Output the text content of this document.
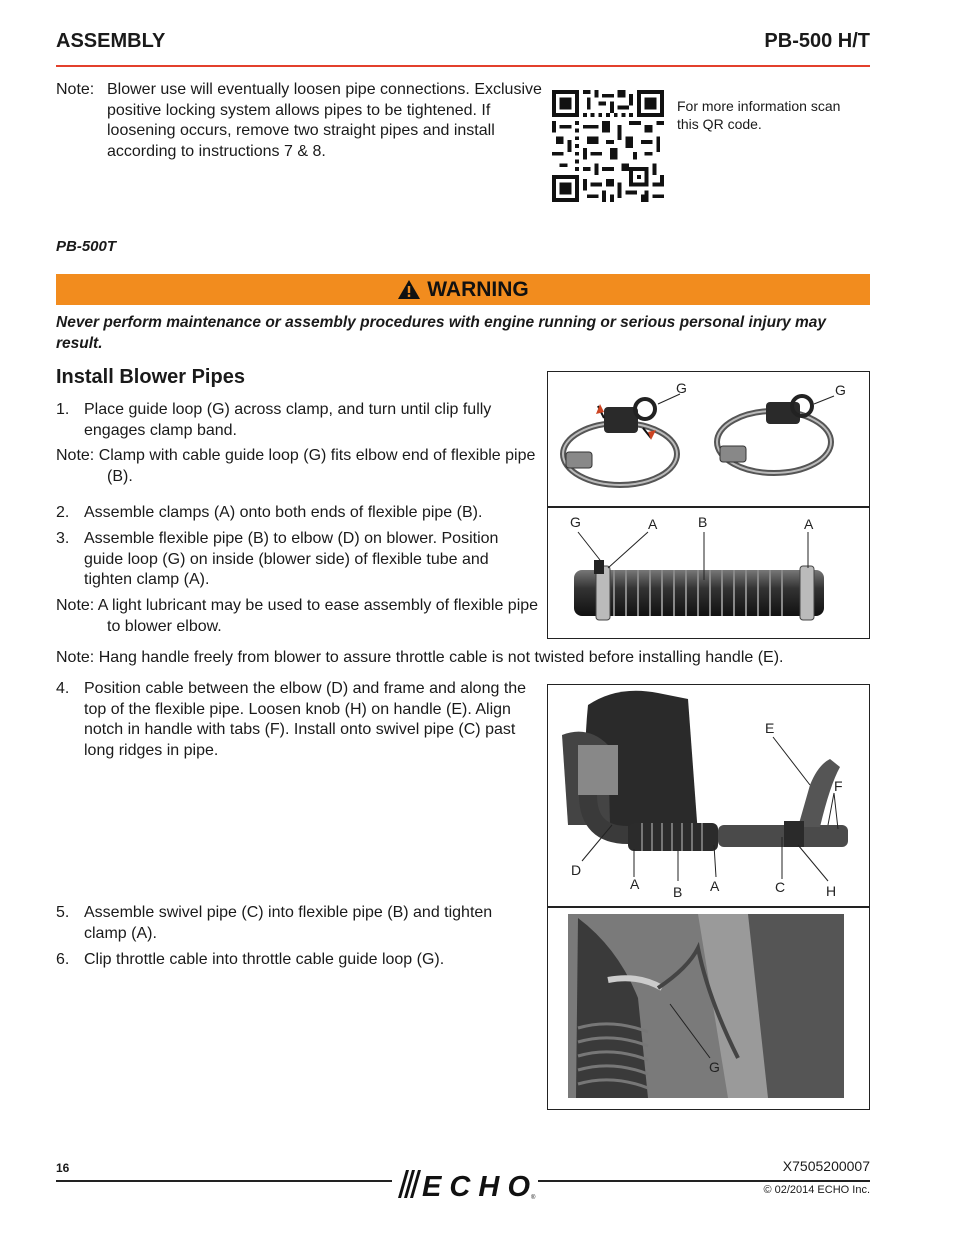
ASSEMBLY	PB-500 H/T
Note: Blower use will eventually loosen pipe connections. Exclusive positive locking system allows pipes to be tightened. If loosening occurs, remove two straight pipes and install according to instructions 7 & 8.
For more information scan this QR code.
PB-500T
WARNING
Never perform maintenance or assembly procedures with engine running or serious personal injury may result.
Install Blower Pipes
1. Place guide loop (G) across clamp, and turn until clip fully engages clamp band.
Note: Clamp with cable guide loop (G) fits elbow end of flexible pipe (B).
2. Assemble clamps (A) onto both ends of flexible pipe (B).
3. Assemble flexible pipe (B) to elbow (D) on blower. Position guide loop (G) on inside (blower side) of flexible tube and tighten clamp (A).
Note: A light lubricant may be used to ease assembly of flexible pipe to blower elbow.
Note: Hang handle freely from blower to assure throttle cable is not twisted before installing handle (E).
4. Position cable between the elbow (D) and frame and along the top of the flexible pipe. Loosen knob (H) on handle (E). Align notch in handle with tabs (F). Install onto swivel pipe (C) past long ridges in pipe.
5. Assemble swivel pipe (C) into flexible pipe (B) and tighten clamp (A).
6. Clip throttle cable into throttle cable guide loop (G).
G	G
G	A	B	A
E
F
D
A B A	C	H
G
16	X7505200007
ECHO ®
© 02/2014 ECHO Inc.
